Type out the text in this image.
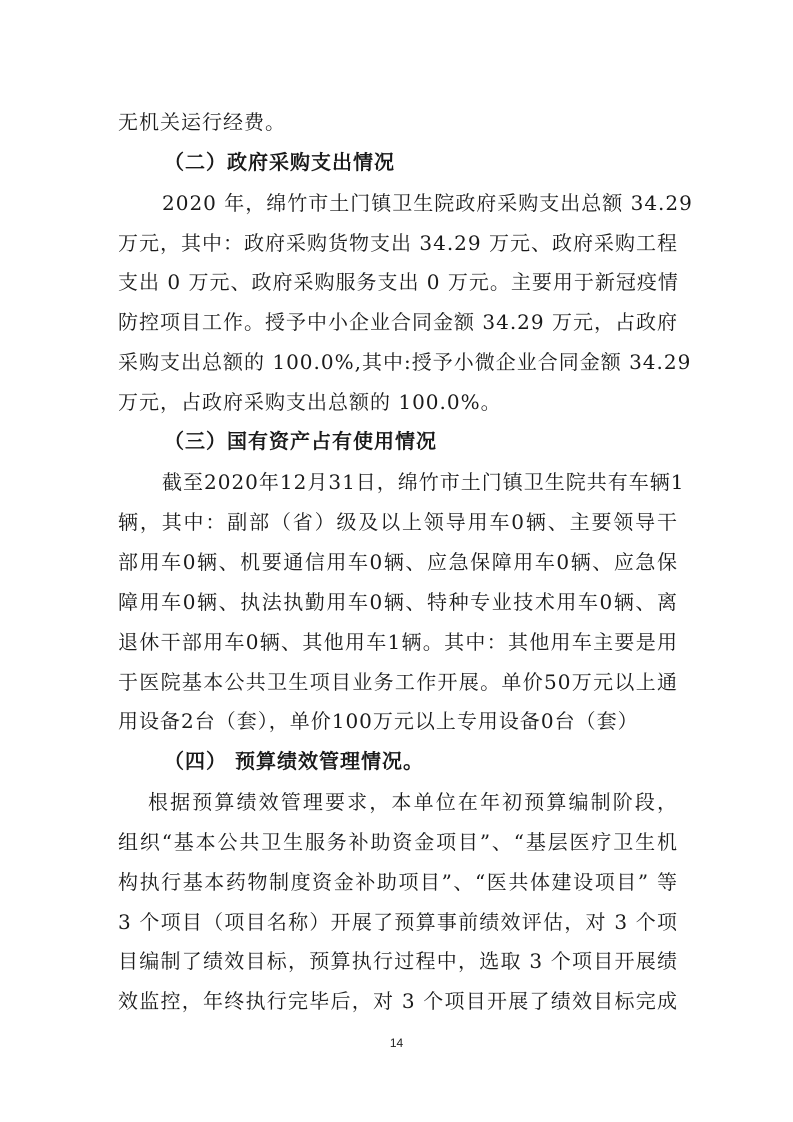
无机关运行经费。
（二）政府采购支出情况
2020 年，绵竹市土门镇卫生院政府采购支出总额 34.29
万元，其中：政府采购货物支出 34.29 万元、政府采购工程
支出 0 万元、政府采购服务支出 0 万元。主要用于新冠疫情
防控项目工作。授予中小企业合同金额 34.29 万元，占政府
采购支出总额的 100.0%,其中:授予小微企业合同金额 34.29
万元，占政府采购支出总额的 100.0%。
（三）国有资产占有使用情况
截至2020年12月31日，绵竹市土门镇卫生院共有车辆1
辆，其中：副部（省）级及以上领导用车0辆、主要领导干
部用车0辆、机要通信用车0辆、应急保障用车0辆、应急保
障用车0辆、执法执勤用车0辆、特种专业技术用车0辆、离
退休干部用车0辆、其他用车1辆。其中：其他用车主要是用
于医院基本公共卫生项目业务工作开展。单价50万元以上通
用设备2台（套），单价100万元以上专用设备0台（套）
（四） 预算绩效管理情况。
根据预算绩效管理要求，本单位在年初预算编制阶段，
组织“基本公共卫生服务补助资金项目”、“基层医疗卫生机
构执行基本药物制度资金补助项目”、“医共体建设项目” 等
3 个项目（项目名称）开展了预算事前绩效评估，对 3 个项
目编制了绩效目标，预算执行过程中，选取 3 个项目开展绩
效监控，年终执行完毕后，对 3 个项目开展了绩效目标完成
14
